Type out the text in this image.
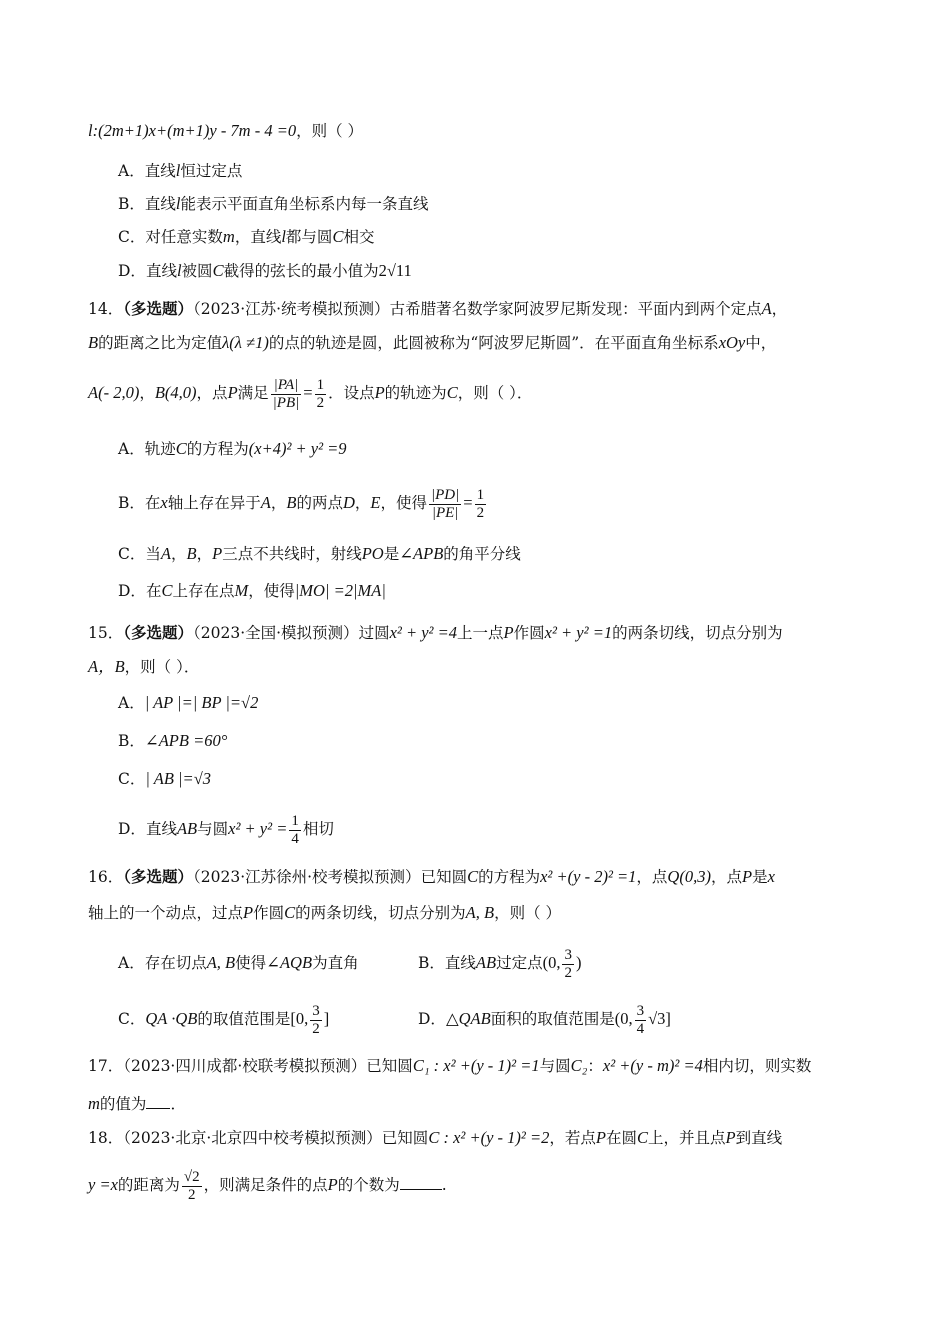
l:(2m+1)x+(m+1)y - 7m - 4 =0，则（ ）
A．直线l恒过定点
B．直线l能表示平面直角坐标系内每一条直线
C．对任意实数m，直线l都与圆C相交
D．直线l被圆C截得的弦长的最小值为2√11
14．（多选题）（2023·江苏·统考模拟预测）古希腊著名数学家阿波罗尼斯发现：平面内到两个定点A，
B的距离之比为定值λ(λ ≠1)的点的轨迹是圆，此圆被称为“阿波罗尼斯圆”．在平面直角坐标系xOy中，
A(- 2,0)，B(4,0)，点P满足 $\frac{|PA|}{|PB|} = \frac{1}{2}$ ．设点P的轨迹为C，则（ ）．
A．轨迹C的方程为(x+4)² + y² =9
B．在x轴上存在异于A，B的两点D，E，使得 $\frac{|PD|}{|PE|} = \frac{1}{2}$
C．当A，B，P三点不共线时，射线PO是∠APB的角平分线
D．在C上存在点M，使得|MO| =2|MA|
15．（多选题）（2023·全国·模拟预测）过圆x² + y² =4上一点P作圆x² + y² =1的两条切线，切点分别为
A，B，则（ ）．
A．| AP |=| BP |=√2
B．∠APB =60°
C．| AB |=√3
D．直线AB与圆$x^2 + y^2 = \frac{1}{4}$ 相切
16．（多选题）（2023·江苏徐州·校考模拟预测）已知圆C的方程为x² +(y - 2)² =1，点Q(0,3)，点P是x
轴上的一个动点，过点P作圆C的两条切线，切点分别为A, B，则（ ）
A．存在切点A, B使得∠AQB为直角	B．直线AB过定点(0, $\frac{3}{2}$ )
C．QA ·QB的取值范围是[0, $\frac{3}{2}$ ]	D．△QAB面积的取值范围是(0, $\frac{3}{4} √3$]
17．（2023·四川成都·校联考模拟预测）已知圆C₁ : x² +(y - 1)² =1与圆C₂：x² +(y - m)² =4相内切，则实数
m的值为 ．
18．（2023·北京·北京四中校考模拟预测）已知圆C : x² +(y - 1)² =2，若点P在圆C上，并且点P到直线
y =x的距离为 $\frac{√2}{2}$ ，则满足条件的点P的个数为	.
